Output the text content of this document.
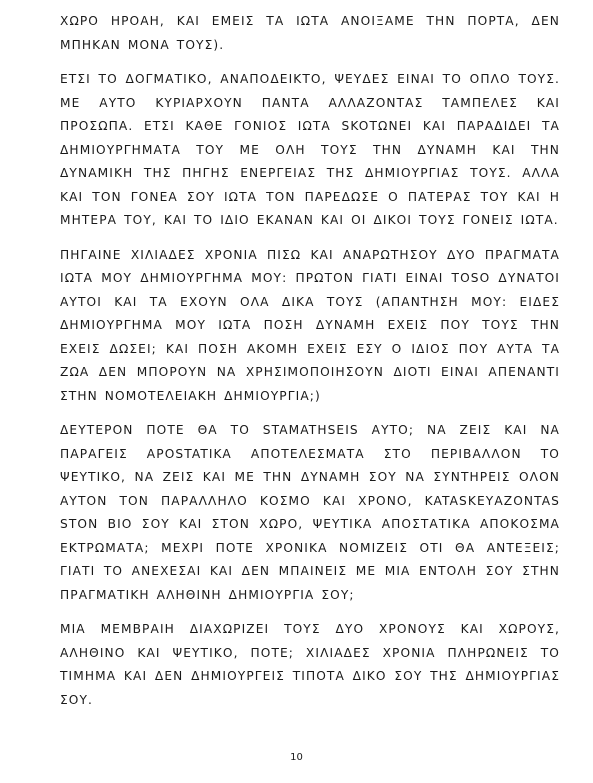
ΧΩΡΟ ΗΡΟΑΗ, ΚΑΙ ΕΜΕΙΣ ΤΑ ΙΩΤΑ ΑΝΟΙΞΑΜΕ ΤΗΝ ΠΟΡΤΑ, ΔΕΝ ΜΠΗΚΑΝ ΜΟΝΑ ΤΟΥΣ).

ΕΤΣΙ ΤΟ ΔΟΓΜΑΤΙΚΟ, ΑΝΑΠΟΔΕΙΚΤΟ, ΨΕΥΔΕΣ ΕΙΝΑΙ ΤΟ ΟΠΛΟ ΤΟΥΣ. ΜΕ ΑΥΤΟ ΚΥΡΙΑΡΧΟΥΝ ΠΑΝΤΑ ΑΛΛΑΖΟΝΤΑΣ ΤΑΜΠΕΛΕΣ ΚΑΙ ΠΡΟΣΩΠΑ. ΕΤΣΙ ΚΑΘΕ ΓΟΝΙΟΣ ΙΩΤΑ SKOTΩΝΕΙ ΚΑΙ ΠΑΡΑΔΙΔΕΙ ΤΑ ΔΗΜΙΟΥΡΓΗΜΑΤΑ ΤΟΥ ΜΕ ΟΛΗ ΤΟΥΣ ΤΗΝ ΔΥΝΑΜΗ ΚΑΙ ΤΗΝ ΔΥΝΑΜΙΚΗ ΤΗΣ ΠΗΓΗΣ ΕΝΕΡΓΕΙΑΣ ΤΗΣ ΔΗΜΙΟΥΡΓΙΑΣ ΤΟΥΣ. ΑΛΛΑ ΚΑΙ ΤΟΝ ΓΟΝΕΑ ΣΟΥ ΙΩΤΑ ΤΟΝ ΠΑΡΕΔΩΣΕ Ο ΠΑΤΕΡΑΣ ΤΟΥ ΚΑΙ Η ΜΗΤΕΡΑ ΤΟΥ, ΚΑΙ ΤΟ ΙΔΙΟ ΕΚΑΝΑΝ ΚΑΙ ΟΙ ΔΙΚΟΙ ΤΟΥΣ ΓΟΝΕΙΣ ΙΩΤΑ.

ΠΗΓΑΙΝΕ ΧΙΛΙΑΔΕΣ ΧΡΟΝΙΑ ΠΙΣΩ ΚΑΙ ΑΝΑΡΩΤΗΣΟΥ ΔΥΟ ΠΡΑΓΜΑΤΑ ΙΩΤΑ ΜΟΥ ΔΗΜΙΟΥΡΓΗΜΑ ΜΟΥ: ΠΡΩΤΟΝ ΓΙΑΤΙ ΕΙΝΑΙ TOSO ΔΥΝΑΤΟΙ ΑΥΤΟΙ ΚΑΙ ΤΑ ΕΧΟΥΝ ΟΛΑ ΔΙΚΑ ΤΟΥΣ (ΑΠΑΝΤΗΣΗ ΜΟΥ: ΕΙΔΕΣ ΔΗΜΙΟΥΡΓΗΜΑ ΜΟΥ ΙΩΤΑ ΠΟΣΗ ΔΥΝΑΜΗ ΕΧΕΙΣ ΠΟΥ ΤΟΥΣ ΤΗΝ ΕΧΕΙΣ ΔΩΣΕΙ; ΚΑΙ ΠΟΣΗ ΑΚΟΜΗ ΕΧΕΙΣ ΕΣΥ Ο ΙΔΙΟΣ ΠΟΥ ΑΥΤΑ ΤΑ ΖΩΑ ΔΕΝ ΜΠΟΡΟΥΝ ΝΑ ΧΡΗΣΙΜΟΠΟΙΗΣΟΥΝ ΔΙΟΤΙ ΕΙΝΑΙ ΑΠΕΝΑΝΤΙ ΣΤΗΝ ΝΟΜΟΤΕΛΕΙΑΚΗ ΔΗΜΙΟΥΡΓΙΑ;)

ΔΕΥΤΕΡΟΝ ΠΟΤΕ ΘΑ ΤΟ STAMATHSEIS ΑΥΤΟ; ΝΑ ΖΕΙΣ ΚΑΙ ΝΑ ΠΑΡΑΓΕΙΣ APOSTATIKA ΑΠΟΤΕΛΕΣΜΑΤΑ ΣΤΟ ΠΕΡΙΒΑΛΛΟΝ ΤΟ ΨΕΥΤΙΚΟ, ΝΑ ΖΕΙΣ ΚΑΙ ΜΕ ΤΗΝ ΔΥΝΑΜΗ ΣΟΥ ΝΑ ΣΥΝΤΗΡΕΙΣ ΟΛΟΝ ΑΥΤΟΝ ΤΟΝ ΠΑΡΑΛΛΗΛΟ ΚΟΣΜΟ ΚΑΙ ΧΡΟΝΟ, KATASKEΥAZONTAS STON ΒIO ΣΟΥ ΚΑΙ ΣΤΟΝ ΧΩΡΟ, ΨΕΥΤΙΚΑ ΑΠΟΣΤΑΤΙΚΑ ΑΠΟΚΟΣΜΑ ΕΚΤΡΩΜΑΤΑ; ΜΕΧΡΙ ΠΟΤΕ ΧΡΟΝΙΚΑ ΝΟΜΙΖΕΙΣ ΟΤΙ ΘΑ ΑΝΤΕΞΕΙΣ; ΓΙΑΤΙ ΤΟ ΑΝΕΧΕΣΑΙ ΚΑΙ ΔΕΝ ΜΠΑΙΝΕΙΣ ΜΕ ΜΙΑ ΕΝΤΟΛΗ ΣΟΥ ΣΤΗΝ ΠΡΑΓΜΑΤΙΚΗ ΑΛΗΘΙΝΗ ΔΗΜΙΟΥΡΓΙΑ ΣΟΥ;

ΜΙΑ ΜΕΜΒΡΑΙΗ ΔΙΑΧΩΡΙΖΕΙ ΤΟΥΣ ΔΥΟ ΧΡΟΝΟΥΣ ΚΑΙ ΧΩΡΟΥΣ, ΑΛΗΘΙΝΟ ΚΑΙ ΨΕΥΤΙΚΟ, ΠΟΤΕ; ΧΙΛΙΑΔΕΣ ΧΡΟΝΙΑ ΠΛΗΡΩΝΕΙΣ ΤΟ ΤΙΜΗΜΑ ΚΑΙ ΔΕΝ ΔΗΜΙΟΥΡΓΕΙΣ ΤΙΠΟΤΑ ΔΙΚΟ ΣΟΥ ΤΗΣ ΔΗΜΙΟΥΡΓΙΑΣ ΣΟΥ.

10
